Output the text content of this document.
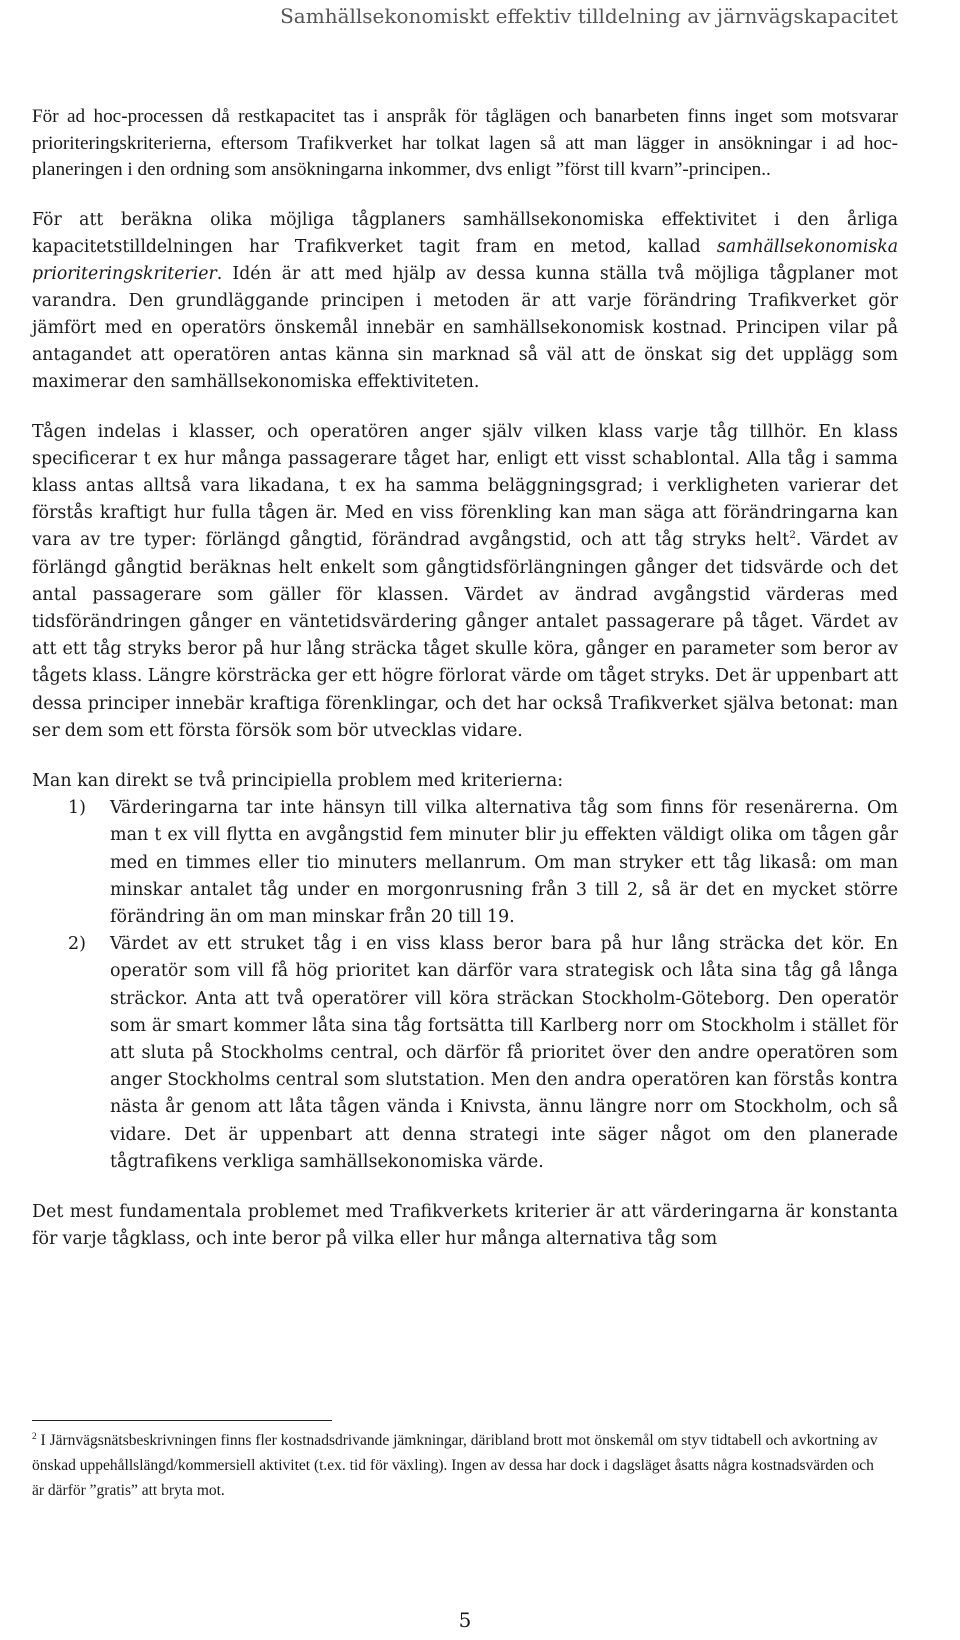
Samhällsekonomiskt effektiv tilldelning av järnvägskapacitet

För ad hoc-processen då restkapacitet tas i anspråk för tåglägen och banarbeten finns inget som motsvarar prioriteringskriterierna, eftersom Trafikverket har tolkat lagen så att man lägger in ansökningar i ad hoc-planeringen i den ordning som ansökningarna inkommer, dvs enligt ”först till kvarn”-principen..

För att beräkna olika möjliga tågplaners samhällsekonomiska effektivitet i den årliga kapacitetstilldelningen har Trafikverket tagit fram en metod, kallad samhällsekonomiska prioriteringskriterier. Idén är att med hjälp av dessa kunna ställa två möjliga tågplaner mot varandra. Den grundläggande principen i metoden är att varje förändring Trafikverket gör jämfört med en operatörs önskemål innebär en samhällsekonomisk kostnad. Principen vilar på antagandet att operatören antas känna sin marknad så väl att de önskat sig det upplägg som maximerar den samhällsekonomiska effektiviteten.

Tågen indelas i klasser, och operatören anger själv vilken klass varje tåg tillhör. En klass specificerar t ex hur många passagerare tåget har, enligt ett visst schablontal. Alla tåg i samma klass antas alltså vara likadana, t ex ha samma beläggningsgrad; i verkligheten varierar det förstås kraftigt hur fulla tågen är. Med en viss förenkling kan man säga att förändringarna kan vara av tre typer: förlängd gångtid, förändrad avgångstid, och att tåg stryks helt$^2$. Värdet av förlängd gångtid beräknas helt enkelt som gångtidsförlängningen gånger det tidsvärde och det antal passagerare som gäller för klassen. Värdet av ändrad avgångstid värderas med tidsförändringen gånger en väntetidsvärdering gånger antalet passagerare på tåget. Värdet av att ett tåg stryks beror på hur lång sträcka tåget skulle köra, gånger en parameter som beror av tågets klass. Längre körsträcka ger ett högre förlorat värde om tåget stryks. Det är uppenbart att dessa principer innebär kraftiga förenklingar, och det har också Trafikverket själva betonat: man ser dem som ett första försök som bör utvecklas vidare.

Man kan direkt se två principiella problem med kriterierna:

1) Värderingarna tar inte hänsyn till vilka alternativa tåg som finns för resenärerna. Om man t ex vill flytta en avgångstid fem minuter blir ju effekten väldigt olika om tågen går med en timmes eller tio minuters mellanrum. Om man stryker ett tåg likaså: om man minskar antalet tåg under en morgonrusning från 3 till 2, så är det en mycket större förändring än om man minskar från 20 till 19.
2) Värdet av ett struket tåg i en viss klass beror bara på hur lång sträcka det kör. En operatör som vill få hög prioritet kan därför vara strategisk och låta sina tåg gå långa sträckor. Anta att två operatörer vill köra sträckan Stockholm-Göteborg. Den operatör som är smart kommer låta sina tåg fortsätta till Karlberg norr om Stockholm i stället för att sluta på Stockholms central, och därför få prioritet över den andre operatören som anger Stockholms central som slutstation. Men den andra operatören kan förstås kontra nästa år genom att låta tågen vända i Knivsta, ännu längre norr om Stockholm, och så vidare. Det är uppenbart att denna strategi inte säger något om den planerade tågtrafikens verkliga samhällsekonomiska värde.

Det mest fundamentala problemet med Trafikverkets kriterier är att värderingarna är konstanta för varje tågklass, och inte beror på vilka eller hur många alternativa tåg som

$^2$ I Järnvägsnätsbeskrivningen finns fler kostnadsdrivande jämkningar, däribland brott mot önskemål om styv tidtabell och avkortning av önskad uppehållslängd/kommersiell aktivitet (t.ex. tid för växling). Ingen av dessa har dock i dagsläget åsatts några kostnadsvärden och är därför ”gratis” att bryta mot.

5
